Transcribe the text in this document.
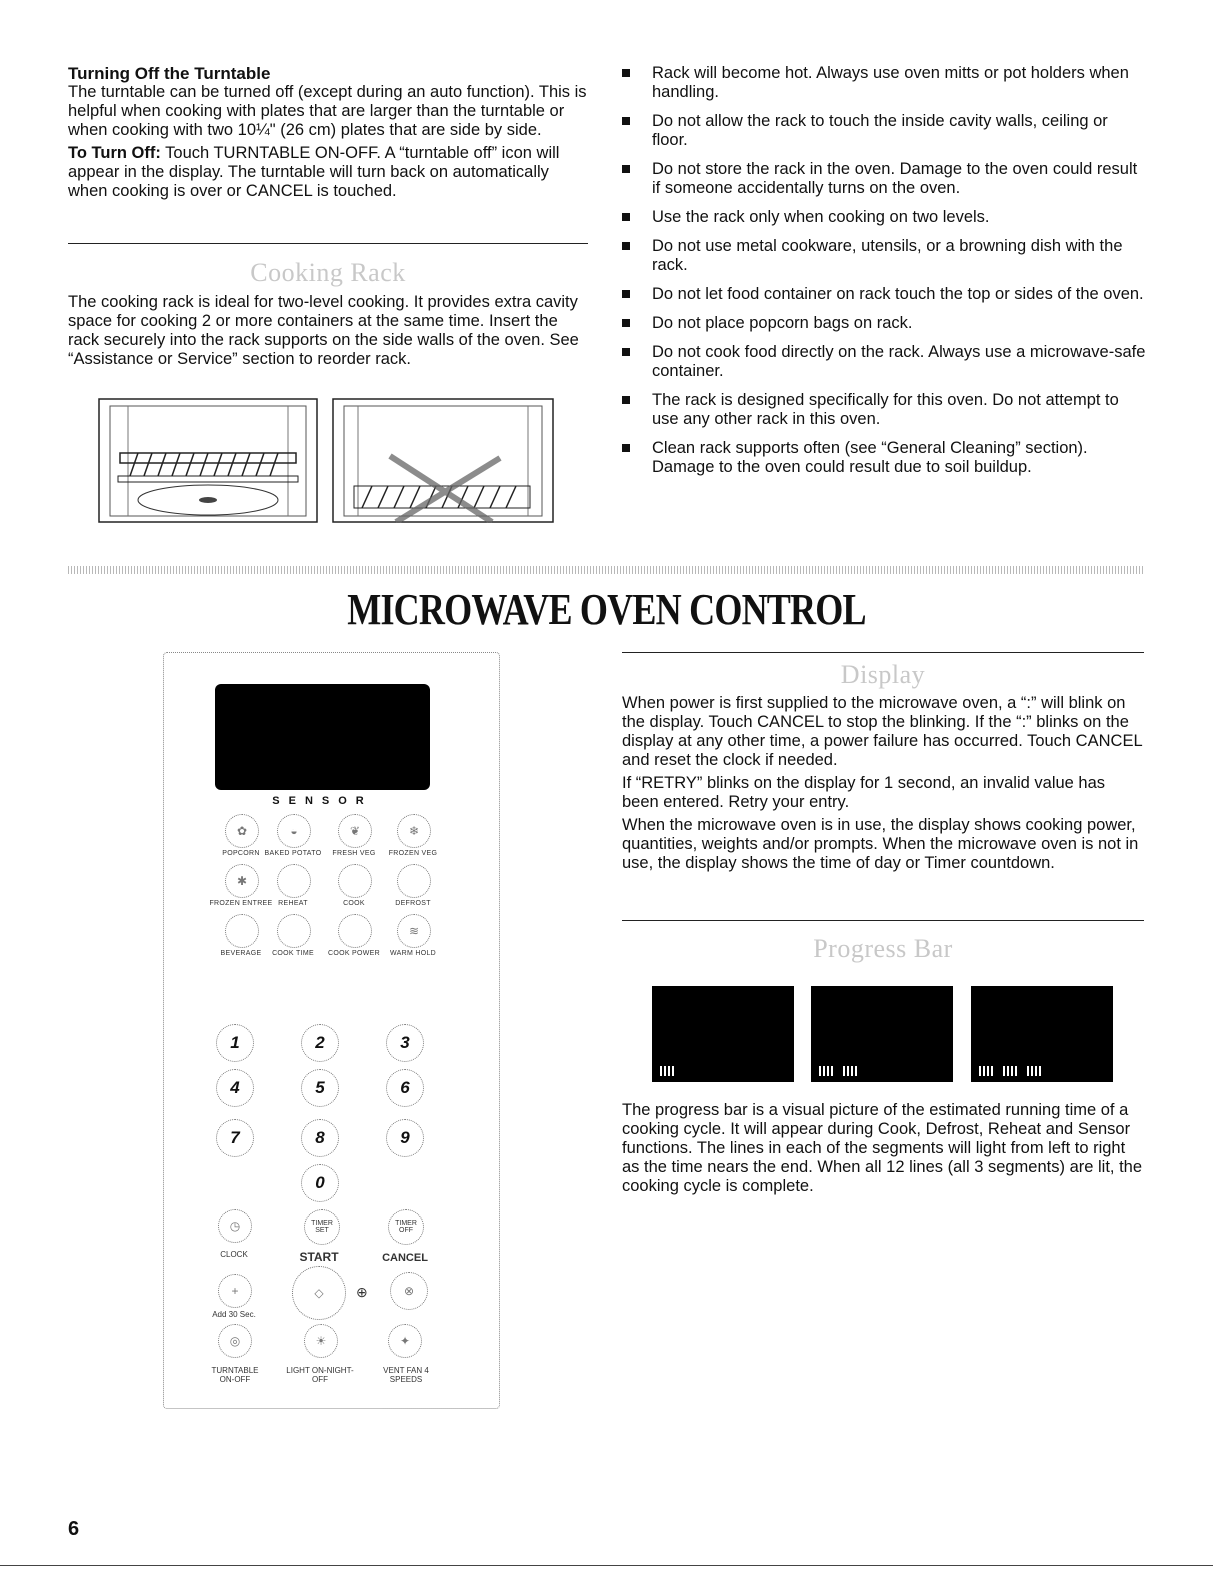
Turning Off the Turntable

The turntable can be turned off (except during an auto function). This is helpful when cooking with plates that are larger than the turntable or when cooking with two 10¼" (26 cm) plates that are side by side.

To Turn Off: Touch TURNTABLE ON-OFF. A “turntable off” icon will appear in the display. The turntable will turn back on automatically when cooking is over or CANCEL is touched.

Cooking Rack
The cooking rack is ideal for two-level cooking. It provides extra cavity space for cooking 2 or more containers at the same time. Insert the rack securely into the rack supports on the side walls of the oven. See “Assistance or Service” section to reorder rack.
Rack will become hot. Always use oven mitts or pot holders when handling.
Do not allow the rack to touch the inside cavity walls, ceiling or floor.
Do not store the rack in the oven. Damage to the oven could result if someone accidentally turns on the oven.
Use the rack only when cooking on two levels.
Do not use metal cookware, utensils, or a browning dish with the rack.
Do not let food container on rack touch the top or sides of the oven.
Do not place popcorn bags on rack.
Do not cook food directly on the rack. Always use a microwave-safe container.
The rack is designed specifically for this oven. Do not attempt to use any other rack in this oven.
Clean rack supports often (see “General Cleaning” section). Damage to the oven could result due to soil buildup.
MICROWAVE OVEN CONTROL
SENSOR
✿	◒	❦	❄
POPCORN BAKED POTATO	FRESH VEG	FROZEN VEG
✱
FROZEN ENTREE REHEAT	COOK	DEFROST
≋
BEVERAGE	COOK TIME	COOK POWER	WARM HOLD
1	2	3
4	5	6
7	8	9
0
◷
CLOCK
TIMER SET
TIMER OFF
START	CANCEL
+
Add 30 Sec.
◇	⊕	⊗
◎	☀	✦
TURNTABLE ON-OFF
LIGHT ON-NIGHT-OFF
VENT FAN 4 SPEEDS
Display

When power is first supplied to the microwave oven, a “:” will blink on the display. Touch CANCEL to stop the blinking. If the “:” blinks on the display at any other time, a power failure has occurred. Touch CANCEL and reset the clock if needed.

If “RETRY” blinks on the display for 1 second, an invalid value has been entered. Retry your entry.

When the microwave oven is in use, the display shows cooking power, quantities, weights and/or prompts. When the microwave oven is not in use, the display shows the time of day or Timer countdown.

Progress Bar
The progress bar is a visual picture of the estimated running time of a cooking cycle. It will appear during Cook, Defrost, Reheat and Sensor functions. The lines in each of the segments will light from left to right as the time nears the end. When all 12 lines (all 3 segments) are lit, the cooking cycle is complete.
6
